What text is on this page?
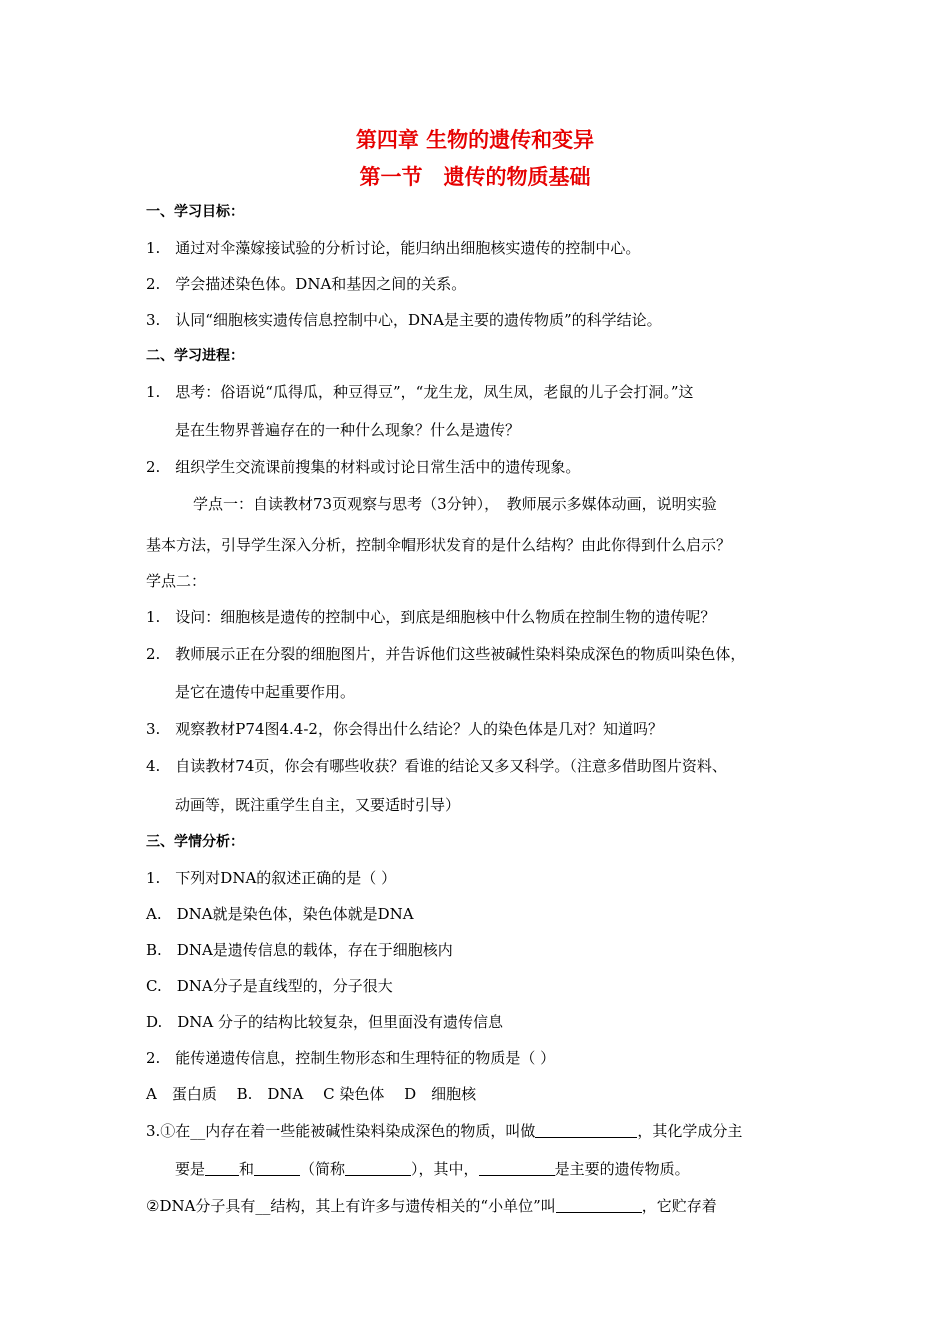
第四章 生物的遗传和变异
第一节　遗传的物质基础
一、学习目标：
1.　通过对伞藻嫁接试验的分析讨论，能归纳出细胞核实遗传的控制中心。
2.　学会描述染色体。DNA和基因之间的关系。
3.　认同“细胞核实遗传信息控制中心，DNA是主要的遗传物质”的科学结论。
二、学习进程：
1.　思考：俗语说“瓜得瓜，种豆得豆”，“龙生龙，凤生凤，老鼠的儿子会打洞。”这
是在生物界普遍存在的一种什么现象？什么是遗传？
2.　组织学生交流课前搜集的材料或讨论日常生活中的遗传现象。
学点一：自读教材73页观察与思考（3分钟），　教师展示多媒体动画，说明实验
基本方法，引导学生深入分析，控制伞帽形状发育的是什么结构？由此你得到什么启示？
学点二：
1.　设问：细胞核是遗传的控制中心，到底是细胞核中什么物质在控制生物的遗传呢？
2.　教师展示正在分裂的细胞图片，并告诉他们这些被碱性染料染成深色的物质叫染色体，
是它在遗传中起重要作用。
3.　观察教材P74图4.4-2，你会得出什么结论？人的染色体是几对？知道吗？
4.　自读教材74页，你会有哪些收获？看谁的结论又多又科学。（注意多借助图片资料、
动画等，既注重学生自主，又要适时引导）
三、学情分析：
1.　下列对DNA的叙述正确的是（ ）
A.　DNA就是染色体，染色体就是DNA
B.　DNA是遗传信息的载体，存在于细胞核内
C.　DNA分子是直线型的，分子很大
D.　DNA 分子的结构比较复杂，但里面没有遗传信息
2.　能传递遗传信息，控制生物形态和生理特征的物质是（ ）
A　蛋白质　 B.　DNA　 C 染色体　 D　细胞核
3.①在__内存在着一些能被碱性染料染成深色的物质，叫做	，其化学成分主
要是 和	（简称	），其中，	是主要的遗传物质。
②DNA分子具有__结构，其上有许多与遗传相关的“小单位”叫	，它贮存着
